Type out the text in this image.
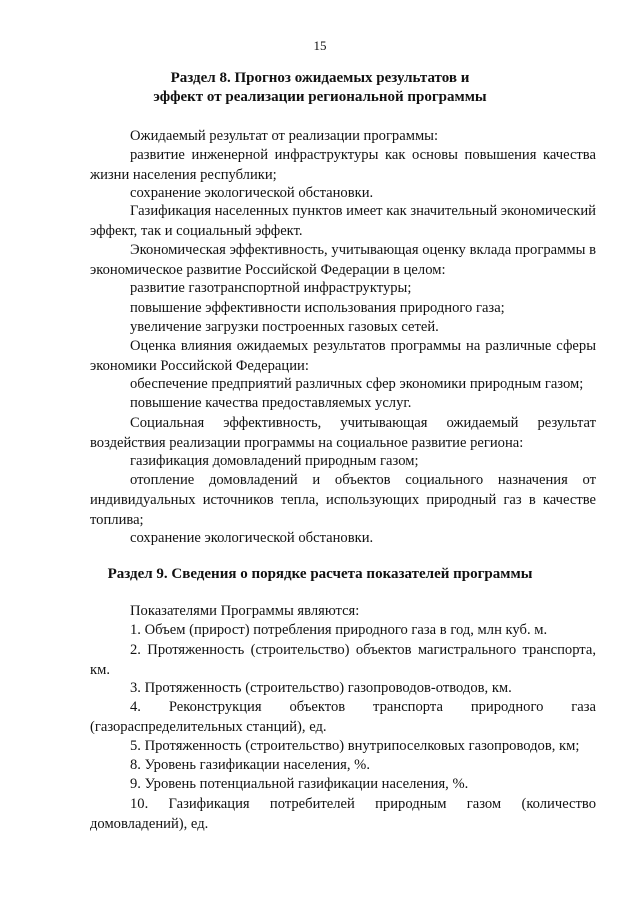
15
Раздел 8. Прогноз ожидаемых результатов и
эффект от реализации региональной программы
Ожидаемый результат от реализации программы:
развитие инженерной инфраструктуры как основы повышения качества жизни населения республики;
сохранение экологической обстановки.
Газификация населенных пунктов имеет как значительный экономический эффект, так и социальный эффект.
Экономическая эффективность, учитывающая оценку вклада программы в экономическое развитие Российской Федерации в целом:
развитие газотранспортной инфраструктуры;
повышение эффективности использования природного газа;
увеличение загрузки построенных газовых сетей.
Оценка влияния ожидаемых результатов программы на различные сферы экономики Российской Федерации:
обеспечение предприятий различных сфер экономики природным газом;
повышение качества предоставляемых услуг.
Социальная эффективность, учитывающая ожидаемый результат воздействия реализации программы на социальное развитие региона:
газификация домовладений природным газом;
отопление домовладений и объектов социального назначения от индивидуальных источников тепла, использующих природный газ в качестве топлива;
сохранение экологической обстановки.
Раздел 9. Сведения о порядке расчета показателей программы
Показателями Программы являются:
1. Объем (прирост) потребления природного газа в год, млн куб. м.
2. Протяженность (строительство) объектов магистрального транспорта, км.
3. Протяженность (строительство) газопроводов-отводов, км.
4. Реконструкция объектов транспорта природного газа (газораспределительных станций), ед.
5. Протяженность (строительство) внутрипоселковых газопроводов, км;
8. Уровень газификации населения, %.
9. Уровень потенциальной газификации населения, %.
10. Газификация потребителей природным газом (количество домовладений), ед.
